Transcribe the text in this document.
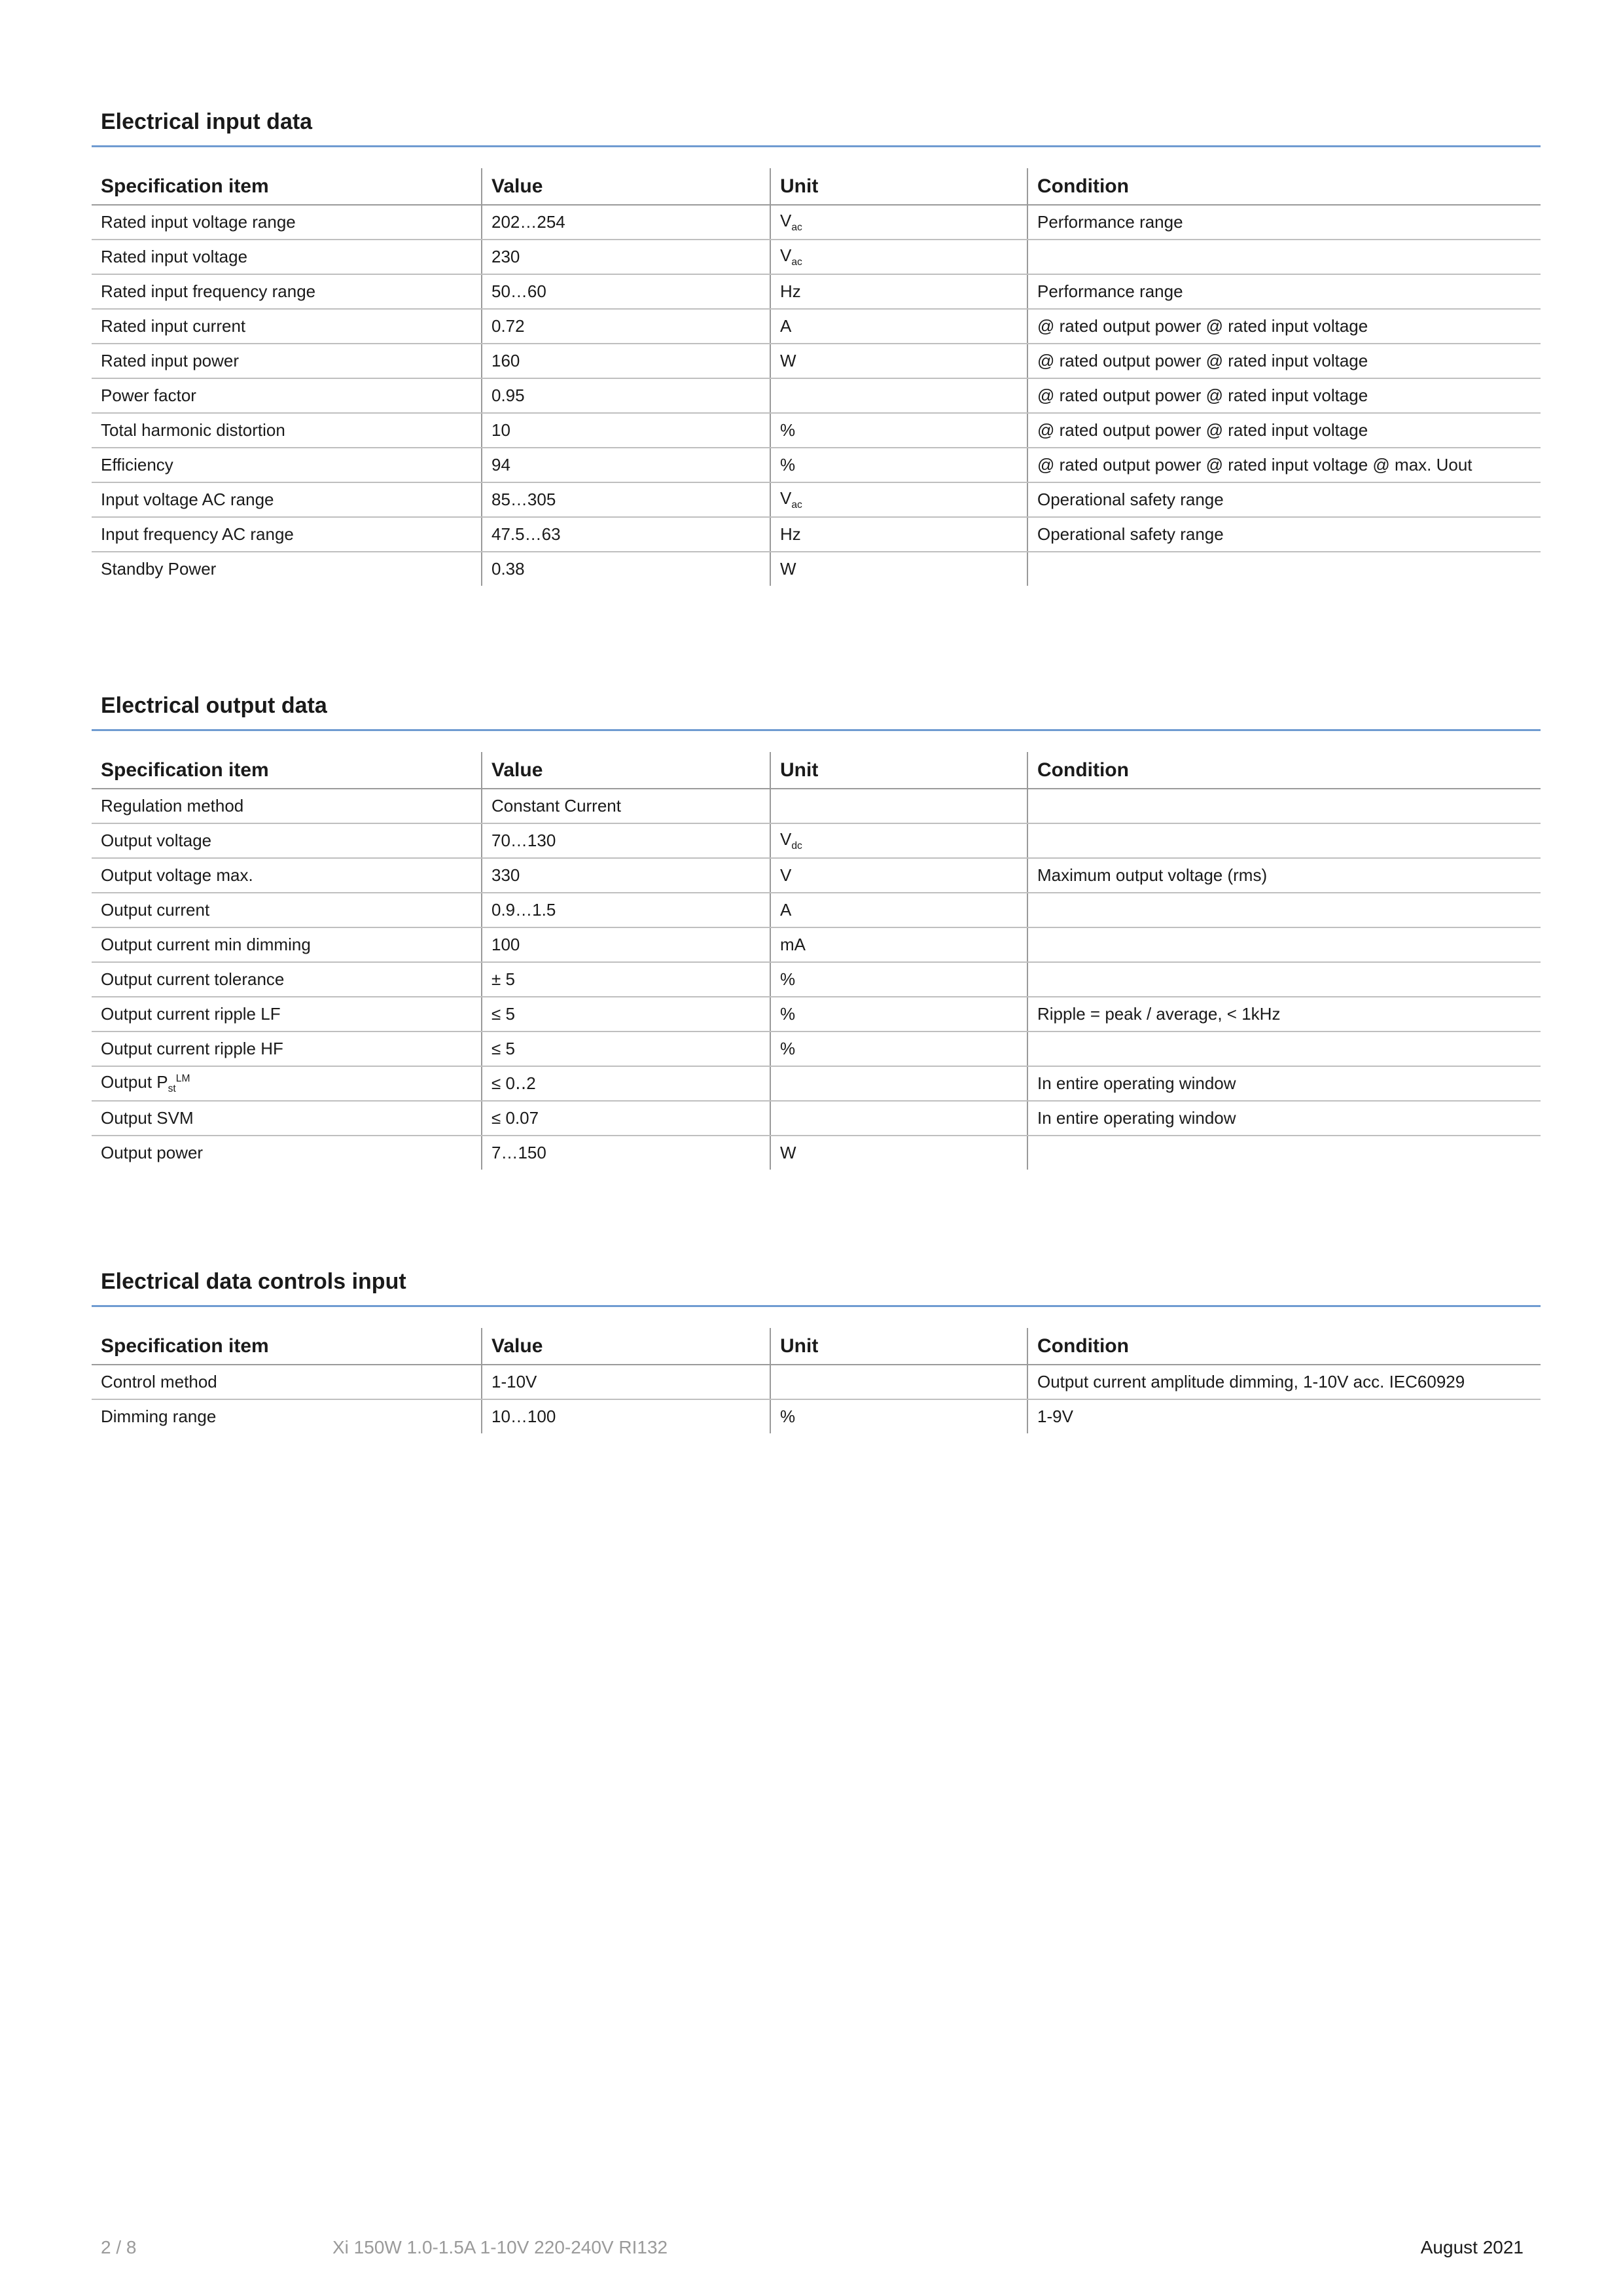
Electrical input data
Specification item	Value	Unit	Condition
Rated input voltage range	202…254	$V_{ac}$	Performance range
Rated input voltage	230	$V_{ac}$	
Rated input frequency range	50…60	Hz	Performance range
Rated input current	0.72	A	@ rated output power @ rated input voltage
Rated input power	160	W	@ rated output power @ rated input voltage
Power factor	0.95		@ rated output power @ rated input voltage
Total harmonic distortion	10	%	@ rated output power @ rated input voltage
Efficiency	94	%	@ rated output power @ rated input voltage @ max. Uout
Input voltage AC range	85…305	$V_{ac}$	Operational safety range
Input frequency AC range	47.5…63	Hz	Operational safety range
Standby Power	0.38	W	
Electrical output data
Specification item	Value	Unit	Condition
Regulation method	Constant Current		
Output voltage	70…130	$V_{dc}$	
Output voltage max.	330	V	Maximum output voltage (rms)
Output current	0.9…1.5	A	
Output current min dimming	100	mA	
Output current tolerance	± 5	%	
Output current ripple LF	≤ 5	%	Ripple = peak / average, < 1kHz
Output current ripple HF	≤ 5	%	
Output $P_{st}^{LM}$	≤ 0‥2		In entire operating window
Output SVM	≤ 0.07		In entire operating window
Output power	7…150	W	
Electrical data controls input
Specification item	Value	Unit	Condition
Control method	1-10V		Output current amplitude dimming, 1-10V acc. IEC60929
Dimming range	10…100	%	1-9V
2 / 8	Xi 150W 1.0-1.5A 1-10V 220-240V RI132	August 2021
